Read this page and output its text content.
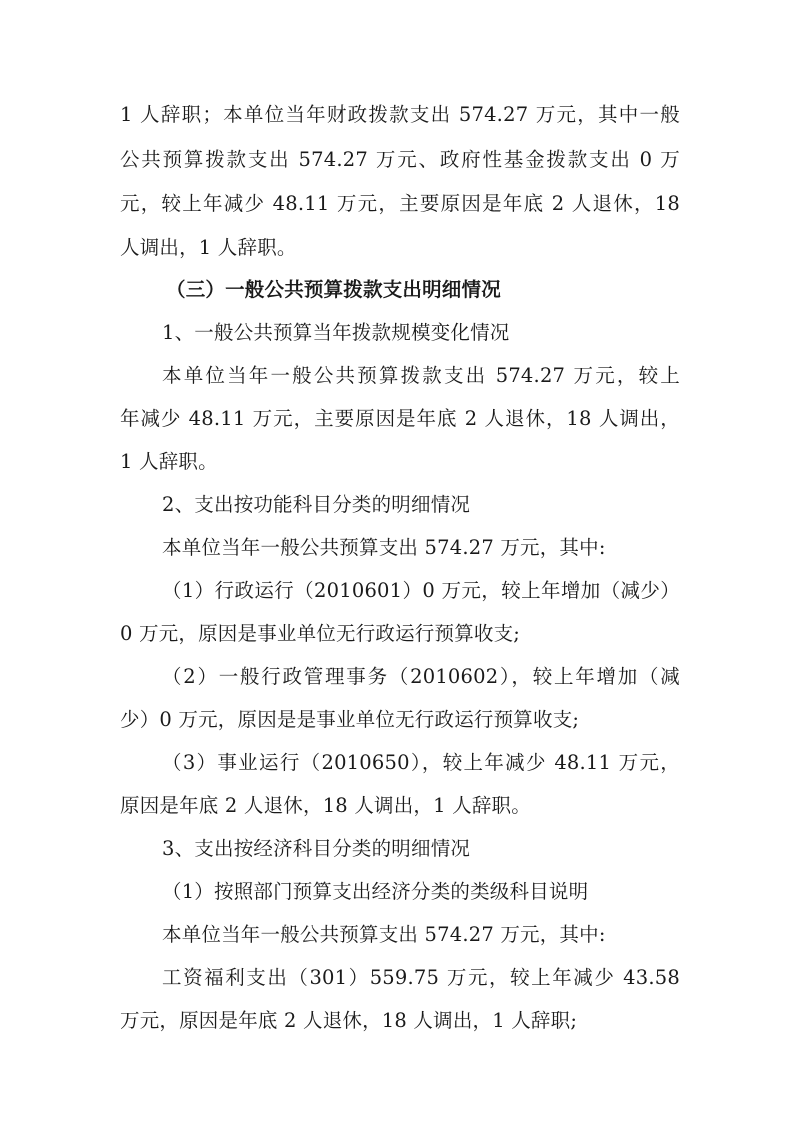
1 人辞职；本单位当年财政拨款支出 574.27 万元，其中一般
公共预算拨款支出 574.27 万元、政府性基金拨款支出 0 万
元，较上年减少 48.11 万元，主要原因是年底 2 人退休，18
人调出，1 人辞职。
（三）一般公共预算拨款支出明细情况
1、一般公共预算当年拨款规模变化情况
本单位当年一般公共预算拨款支出 574.27 万元，较上
年减少 48.11 万元，主要原因是年底 2 人退休，18 人调出，
1 人辞职。
2、支出按功能科目分类的明细情况
本单位当年一般公共预算支出 574.27 万元，其中:
（1）行政运行（2010601）0 万元，较上年增加（减少）
0 万元，原因是事业单位无行政运行预算收支;
（2）一般行政管理事务（2010602），较上年增加（减
少）0 万元，原因是是事业单位无行政运行预算收支;
（3）事业运行（2010650），较上年减少 48.11 万元，
原因是年底 2 人退休，18 人调出，1 人辞职。
3、支出按经济科目分类的明细情况
（1）按照部门预算支出经济分类的类级科目说明
本单位当年一般公共预算支出 574.27 万元，其中:
工资福利支出（301）559.75 万元，较上年减少 43.58
万元，原因是年底 2 人退休，18 人调出，1 人辞职;
